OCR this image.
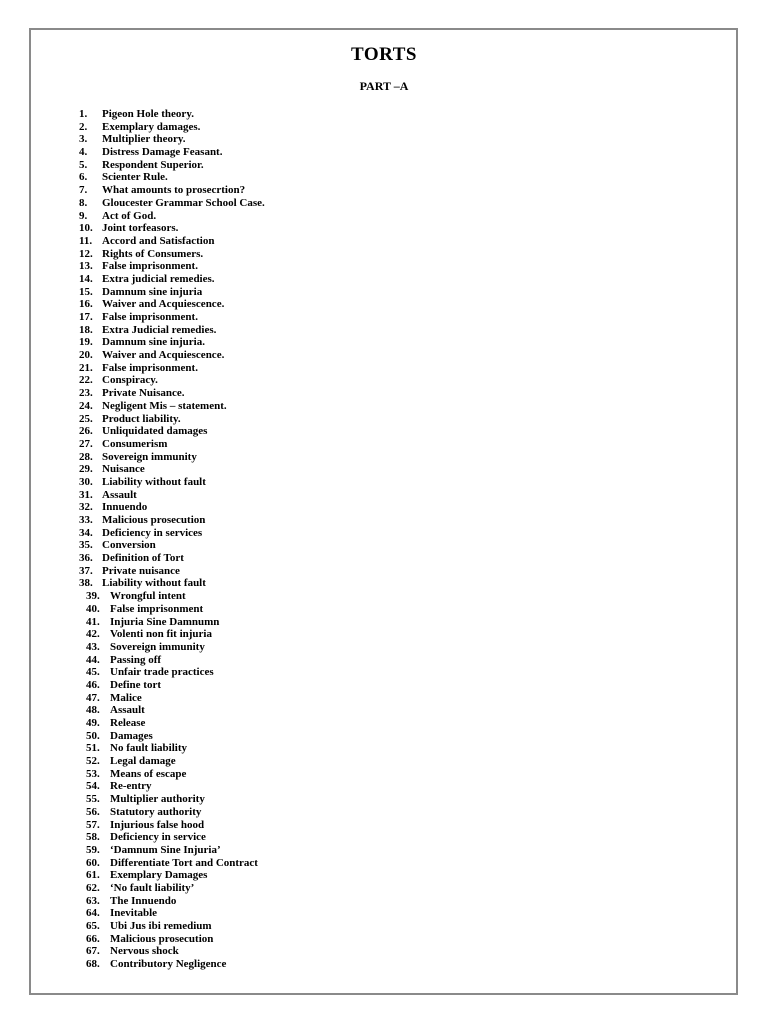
TORTS
PART –A
1. Pigeon Hole theory.
2. Exemplary damages.
3. Multiplier theory.
4. Distress Damage Feasant.
5. Respondent Superior.
6. Scienter Rule.
7. What amounts to prosecrtion?
8. Gloucester Grammar School Case.
9. Act of God.
10. Joint torfeasors.
11. Accord and Satisfaction
12. Rights of Consumers.
13. False imprisonment.
14. Extra judicial remedies.
15. Damnum sine injuria
16. Waiver and Acquiescence.
17. False imprisonment.
18. Extra Judicial remedies.
19. Damnum sine injuria.
20. Waiver and Acquiescence.
21. False imprisonment.
22. Conspiracy.
23. Private Nuisance.
24. Negligent Mis – statement.
25. Product liability.
26. Unliquidated damages
27. Consumerism
28. Sovereign immunity
29. Nuisance
30. Liability without fault
31. Assault
32. Innuendo
33. Malicious prosecution
34. Deficiency in services
35. Conversion
36. Definition of Tort
37. Private nuisance
38. Liability without fault
39. Wrongful intent
40. False imprisonment
41. Injuria Sine Damnumn
42. Volenti non fit injuria
43. Sovereign immunity
44. Passing off
45. Unfair trade practices
46. Define tort
47. Malice
48. Assault
49. Release
50. Damages
51. No fault liability
52. Legal damage
53. Means of escape
54. Re-entry
55. Multiplier authority
56. Statutory authority
57. Injurious false hood
58. Deficiency in service
59. ‘Damnum Sine Injuria’
60. Differentiate Tort and Contract
61. Exemplary Damages
62. ‘No fault liability’
63. The Innuendo
64. Inevitable
65. Ubi Jus ibi remedium
66. Malicious prosecution
67. Nervous shock
68. Contributory Negligence
